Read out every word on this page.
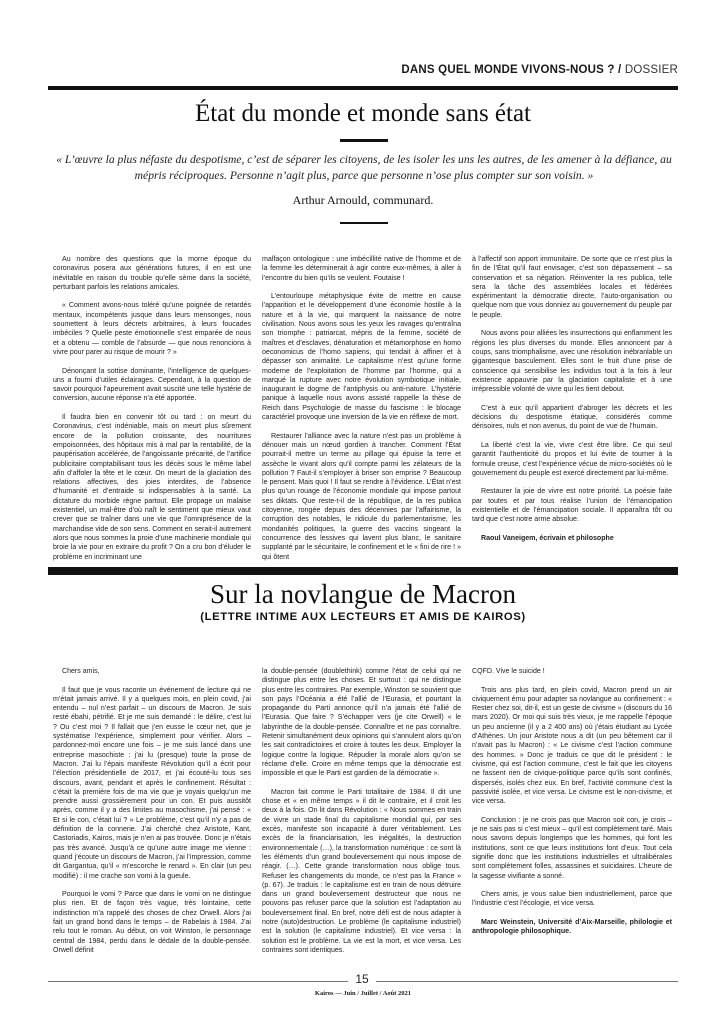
DANS QUEL MONDE VIVONS-NOUS ? / DOSSIER
État du monde et monde sans état
« L’œuvre la plus néfaste du despotisme, c’est de séparer les citoyens, de les isoler les uns les autres, de les amener à la défiance, au mépris réciproques. Personne n’agit plus, parce que personne n’ose plus compter sur son voisin. »
Arthur Arnould, communard.

Au nombre des questions que la morne époque du coronavirus posera aux générations futures, il en est une inévitable en raison du trouble qu’elle sème dans la société, perturbant parfois les relations amicales.

« Comment avons-nous toléré qu’une poignée de retardés mentaux, incompétents jusque dans leurs mensonges, nous soumettent à leurs décrets arbitraires, à leurs foucades imbéciles ? Quelle peste émotionnelle s’est emparée de nous et a obtenu — comble de l’absurde — que nous renoncions à vivre pour parer au risque de mourir ? »

Dénonçant la sottise dominante, l’intelligence de quelques-uns a fourni d’utiles éclairages. Cependant, à la question de savoir pourquoi l’apeurement avait suscité une telle hystérie de conversion, aucune réponse n’a été apportée.

Il faudra bien en convenir tôt ou tard : on meurt du Coronavirus, c’est indéniable, mais on meurt plus sûrement encore de la pollution croissante, des nourritures empoisonnées, des hôpitaux mis à mal par la rentabilité, de la paupérisation accélérée, de l’angoissante précarité, de l’artifice publicitaire comptabilisant tous les décès sous le même label afin d’affoler la tête et le cœur. On meurt de la glaciation des relations affectives, des joies interdites, de l’absence d’humanité et d’entraide si indispensables à la santé. La dictature du morbide règne partout. Elle propage un malaise existentiel, un mal-être d’où naît le sentiment que mieux vaut crever que se traîner dans une vie que l’omniprésence de la marchandise vide de son sens. Comment en serait-il autrement alors que nous sommes la proie d’une machinerie mondiale qui broie la vie pour en extraire du profit ? On a cru bon d’éluder le problème en incriminant une

malfaçon ontologique : une imbécillité native de l’homme et de la femme les déterminerait à agir contre eux-mêmes, à aller à l’encontre du bien qu’ils se veulent. Foutaise !

L’entourloupe métaphysique évite de mettre en cause l’apparition et le développement d’une économie hostile à la nature et à la vie, qui marquent la naissance de notre civilisation. Nous avons sous les yeux les ravages qu’entraîna son triomphe : patriarcat, mépris de la femme, société de maîtres et d’esclaves, dénaturation et métamorphose en homo oeconomicus de l’homo sapiens, qui tendait à affiner et à dépasser son animalité. Le capitalisme n’est qu’une forme moderne de l’exploitation de l’homme par l’homme, qui a marqué la rupture avec notre évolution symbiotique initiale, inaugurant le dogme de l’antiphysis ou anti-nature. L’hystérie panique à laquelle nous avons assisté rappelle la thèse de Reich dans Psychologie de masse du fascisme : le blocage caractériel provoque une inversion de la vie en réflexe de mort.

Restaurer l’alliance avec la nature n’est pas un problème à dénouer mais un nœud gordien à trancher. Comment l’État pourrait-il mettre un terme au pillage qui épuise la terre et assèche le vivant alors qu’il compte parmi les zélateurs de la pollution ? Faut-il s’employer à briser son emprise ? Beaucoup le pensent. Mais quoi ! Il faut se rendre à l’évidence. L’État n’est plus qu’un rouage de l’économie mondiale qui impose partout ses diktats. Que reste-t-il de la république, de la res publica citoyenne, rongée depuis des décennies par l’affairisme, la corruption des notables, le ridicule du parlementarisme, les mondanités politiques, la guerre des vaccins singeant la concurrence des lessives qui lavent plus blanc, le sanitaire supplanté par le sécuritaire, le confinement et le « fini de rire ! » qui ôtent

à l’affectif son apport immunitaire. De sorte que ce n’est plus la fin de l’État qu’il faut envisager, c’est son dépassement – sa conservation et sa négation. Réinventer la res publica, telle sera la tâche des assemblées locales et fédérées expérimentant la démocratie directe, l’auto-organisation ou quelque nom que vous donniez au gouvernement du peuple par le peuple.

Nous avons pour alliées les insurrections qui enflamment les régions les plus diverses du monde. Elles annoncent par à coups, sans triomphalisme, avec une résolution inébranlable un gigantesque basculement. Elles sont le fruit d’une prise de conscience qui sensibilise les individus tout à la fois à leur existence appauvrie par la glaciation capitaliste et à une irrépressible volonté de vivre qui les tient debout.

C’est à eux qu’il appartient d’abroger les décrets et les décisions du despotisme étatique, considérés comme dérisoires, nuls et non avenus, du point de vue de l’humain.

La liberté c’est la vie, vivre c’est être libre. Ce qui seul garantit l’authenticité du propos et lui évite de tourner à la formule creuse, c’est l’expérience vécue de micro-sociétés où le gouvernement du peuple est exercé directement par lui-même.

Restaurer la joie de vivre est notre priorité. La poésie faite par toutes et par tous réalise l’union de l’émancipation existentielle et de l’émancipation sociale. Il apparaîtra tôt ou tard que c’est notre arme absolue.

Raoul Vaneigem, écrivain et philosophe

Sur la novlangue de Macron
(LETTRE INTIME AUX LECTEURS ET AMIS DE KAIROS)

Chers amis,

Il faut que je vous raconte un événement de lecture qui ne m’était jamais arrivé. Il y a quelques mois, en plein covid, j’ai entendu – nul n’est parfait – un discours de Macron. Je suis resté ébahi, pétrifié. Et je me suis demandé : le délire, c’est lui ? Ou c’est moi ? Il fallait que j’en eusse le cœur net, que je systématise l’expérience, simplement pour vérifier. Alors – pardonnez-moi encore une fois – je me suis lancé dans une entreprise masochiste : j’ai lu (presque) toute la prose de Macron. J’ai lu l’épais manifeste Révolution qu’il a écrit pour l’élection présidentielle de 2017, et j’ai écouté-lu tous ses discours, avant, pendant et après le confinement. Résultat : c’était la première fois de ma vie que je voyais quelqu’un me prendre aussi grossièrement pour un con. Et puis aussitôt après, comme il y a des limites au masochisme, j’ai pensé : « Et si le con, c’était lui ? » Le problème, c’est qu’il n’y a pas de définition de la connerie. J’ai cherché chez Aristote, Kant, Castoriadis, Kairos, mais je n’en ai pas trouvée. Donc je n’étais pas très avancé. Jusqu’à ce qu’une autre image me vienne : quand j’écoute un discours de Macron, j’ai l’impression, comme dit Gargantua, qu’il « m’escorche le renard ». En clair (un peu modifié) : il me crache son vomi à la gueule.

Pourquoi le vomi ? Parce que dans le vomi on ne distingue plus rien. Et de façon très vague, très lointaine, cette indistinction m’a rappelé des choses de chez Orwell. Alors j’ai fait un grand bond dans le temps – de Rabelais à 1984. J’ai relu tout le roman. Au début, on voit Winston, le personnage central de 1984, perdu dans le dédale de la double-pensée. Orwell définit

la double-pensée (doublethink) comme l’état de celui qui ne distingue plus entre les choses. Et surtout : qui ne distingue plus entre les contraires. Par exemple, Winston se souvient que son pays l’Océania a été l’allié de l’Eurasia, et pourtant la propagande du Parti annonce qu’il n’a jamais été l’allié de l’Eurasia. Que faire ? S’échapper vers (je cite Orwell) « le labyrinthe de la double-pensée. Connaître et ne pas connaître. Retenir simultanément deux opinions qui s’annulent alors qu’on les sait contradictoires et croire à toutes les deux. Employer la logique contre la logique. Répudier la morale alors qu’on se réclame d’elle. Croire en même temps que la démocratie est impossible et que le Parti est gardien de la démocratie ».

Macron fait comme le Parti totalitaire de 1984. Il dit une chose et « en même temps » il dit le contraire, et il croit les deux à la fois. On lit dans Révolution : « Nous sommes en train de vivre un stade final du capitalisme mondial qui, par ses excès, manifeste son incapacité à durer véritablement. Les excès de la financiarisation, les inégalités, la destruction environnementale (…), la transformation numérique : ce sont là les éléments d’un grand bouleversement qui nous impose de réagir. (…). Cette grande transformation nous oblige tous. Refuser les changements du monde, ce n’est pas la France » (p. 67). Je traduis : le capitalisme est en train de nous détruire dans un grand bouleversement destructeur que nous ne pouvons pas refuser parce que la solution est l’adaptation au bouleversement final. En bref, notre défi est de nous adapter à notre (auto)destruction. Le problème (le capitalisme industriel) est la solution (le capitalisme industriel). Et vice versa : la solution est le problème. La vie est la mort, et vice versa. Les contraires sont identiques.

CQFD. Vive le suicide !

Trois ans plus tard, en plein covid, Macron prend un air civiquement ému pour adapter sa novlangue au confinement : « Rester chez soi, dit-il, est un geste de civisme » (discours du 16 mars 2020). Or moi qui suis très vieux, je me rappelle l’époque un peu ancienne (il y a 2 400 ans) où j’étais étudiant au Lycée d’Athènes. Un jour Aristote nous a dit (un peu bêtement car il n’avait pas lu Macron) : « Le civisme c’est l’action commune des hommes. » Donc je traduis ce que dit le président : le civisme, qui est l’action commune, c’est le fait que les citoyens ne fassent rien de civique-politique parce qu’ils sont confinés, dispersés, isolés chez eux. En bref, l’activité commune c’est la passivité isolée, et vice versa. Le civisme est le non-civisme, et vice versa.

Conclusion : je ne crois pas que Macron soit con, je crois – je ne sais pas si c’est mieux – qu’il est complètement taré. Mais nous savons depuis longtemps que les hommes, qui font les institutions, sont ce que leurs institutions font d’eux. Tout cela signifie donc que les institutions industrielles et ultralibérales sont complètement folles, assassines et suicidaires. L’heure de la sagesse vivifiante a sonné.

Chers amis, je vous salue bien industriellement, parce que l’industrie c’est l’écologie, et vice versa.

Marc Weinstein, Université d’Aix-Marseille, philologie et anthropologie philosophique.

15
Kairos — Juin / Juillet / Août 2021
